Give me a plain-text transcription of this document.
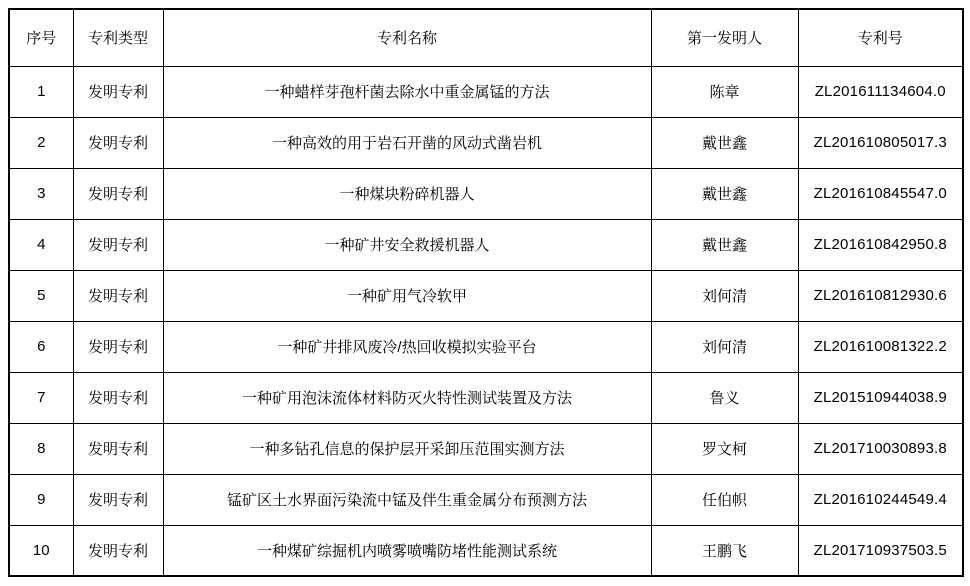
序号	专利类型	专利名称	第一发明人	专利号
1	发明专利	一种蜡样芽孢杆菌去除水中重金属锰的方法	陈章	ZL201611134604.0
2	发明专利	一种高效的用于岩石开凿的风动式凿岩机	戴世鑫	ZL201610805017.3
3	发明专利	一种煤块粉碎机器人	戴世鑫	ZL201610845547.0
4	发明专利	一种矿井安全救援机器人	戴世鑫	ZL201610842950.8
5	发明专利	一种矿用气冷软甲	刘何清	ZL201610812930.6
6	发明专利	一种矿井排风废冷/热回收模拟实验平台	刘何清	ZL201610081322.2
7	发明专利	一种矿用泡沫流体材料防灭火特性测试装置及方法	鲁义	ZL201510944038.9
8	发明专利	一种多钻孔信息的保护层开采卸压范围实测方法	罗文柯	ZL201710030893.8
9	发明专利	锰矿区土水界面污染流中锰及伴生重金属分布预测方法	任伯帜	ZL201610244549.4
10	发明专利	一种煤矿综掘机内喷雾喷嘴防堵性能测试系统	王鹏飞	ZL201710937503.5
